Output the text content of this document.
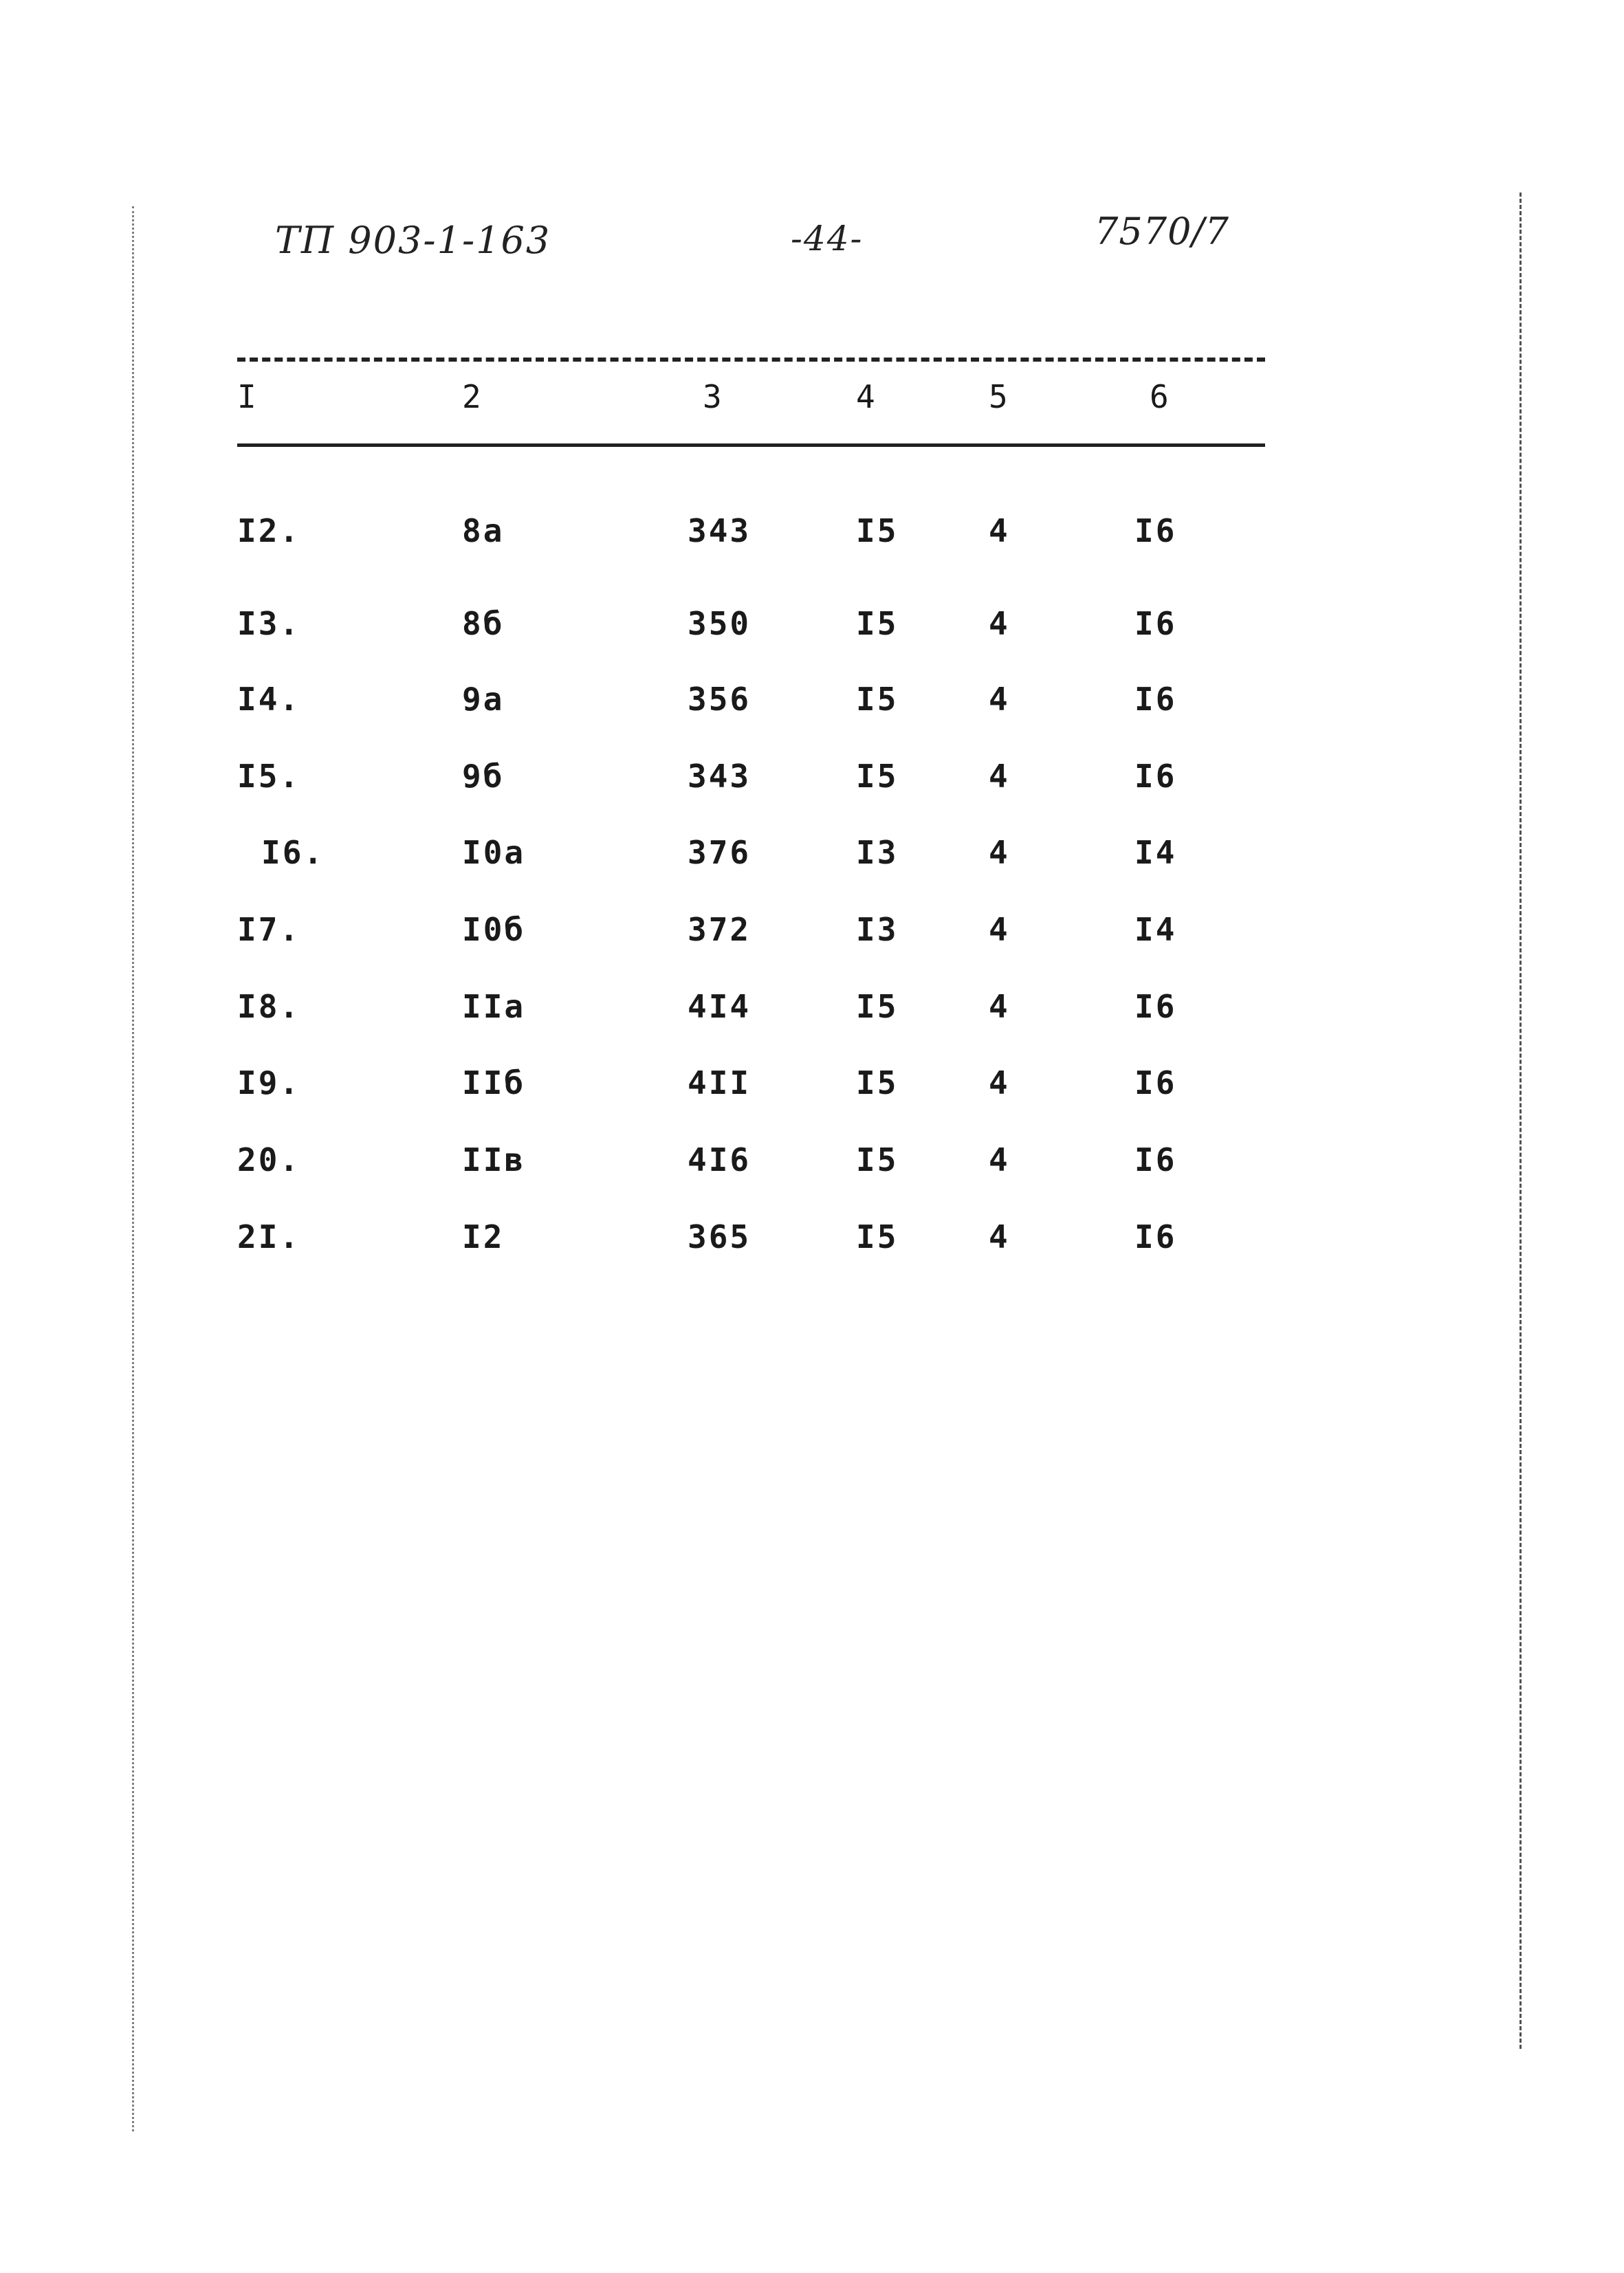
ТП 903-1-163	-44-	7570/7
I	2	3	4	5	6
I2.	8а	343	I5	4	I6
I3.	8б	350	I5	4	I6
I4.	9а	356	I5	4	I6
I5.	9б	343	I5	4	I6
I6.	I0а	376	I3	4	I4
I7.	I0б	372	I3	4	I4
I8.	IIа	4I4	I5	4	I6
I9.	IIб	4II	I5	4	I6
20.	IIв	4I6	I5	4	I6
2I.	I2	365	I5	4	I6
